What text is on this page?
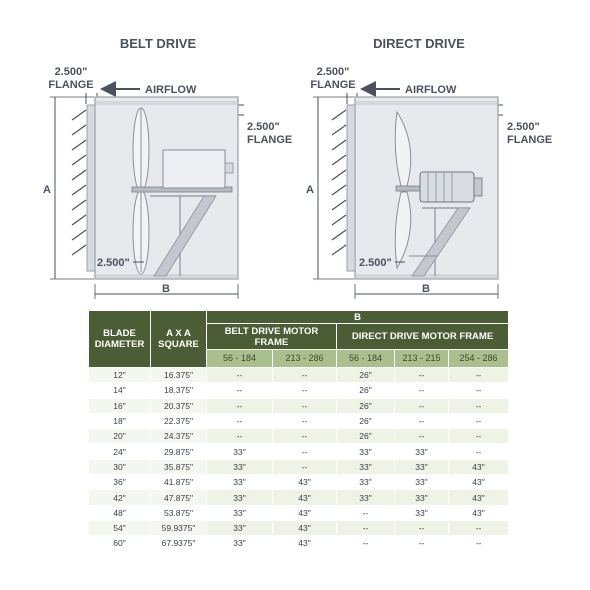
BELT DRIVE
2.500"
FLANGE	AIRFLOW
2.500"
FLANGE
A
2.500"
B
DIRECT DRIVE
2.500"
FLANGE	AIRFLOW
2.500"
FLANGE
A
2.500"
B
BLADE DIAMETER	A X A SQUARE	B				
		BELT DRIVE MOTOR FRAME		DIRECT DRIVE MOTOR FRAME		
		56 - 184	213 - 286	56 - 184	213 - 215	254 - 286
12"	16.375"	--	--	26"	--	--
14"	18.375"	--	--	26"	--	--
16"	20.375"	--	--	26"	--	--
18"	22.375"	--	--	26"	--	--
20"	24.375"	--	--	26"	--	--
24"	29.875"	33"	--	33"	33"	--
30"	35.875"	33"	--	33"	33"	43"
36"	41.875"	33"	43"	33"	33"	43"
42"	47.875"	33"	43"	33"	33"	43"
48"	53.875"	33"	43"	--	33"	43"
54"	59.9375"	33"	43"	--	--	--
60"	67.9375"	33"	43"	--	--	--
